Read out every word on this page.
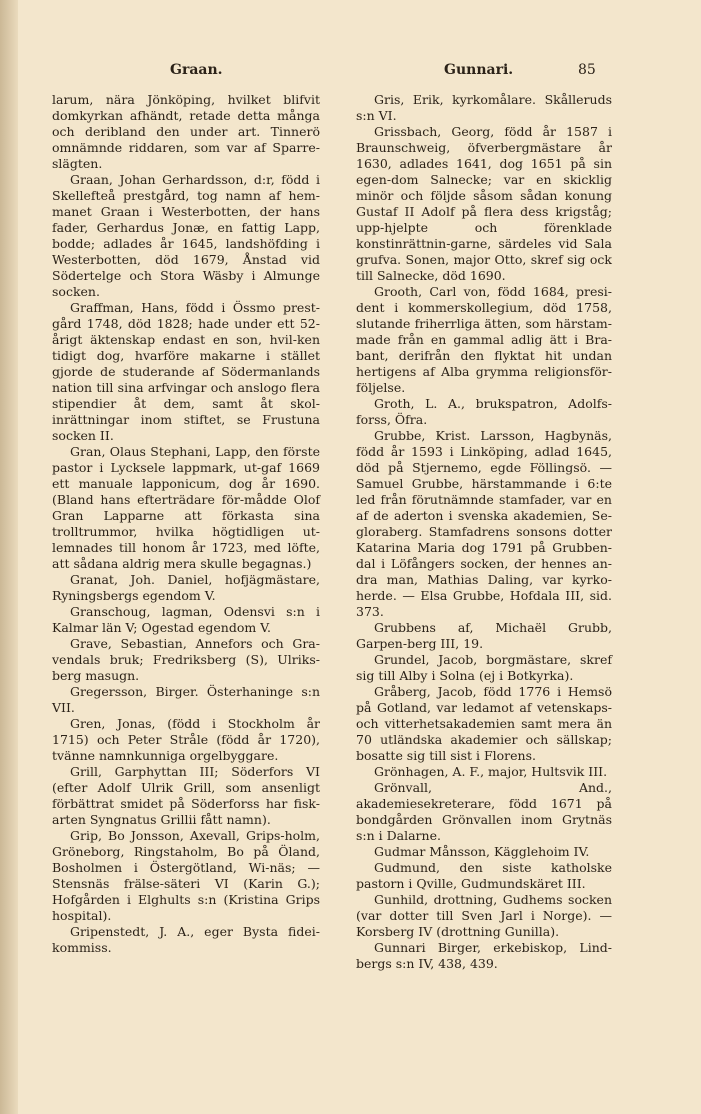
Graan.	Gunnari.	85

larum, nära Jönköping, hvilket blifvit domkyrkan afhändt, retade detta många och deribland den under art. Tinnerö omnämnde riddaren, som var af Sparre-slägten.

Graan, Johan Gerhardsson, d:r, född i Skellefteå prestgård, tog namn af hem-manet Graan i Westerbotten, der hans fader, Gerhardus Jonæ, en fattig Lapp, bodde; adlades år 1645, landshöfding i Westerbotten, död 1679, Ånstad vid Södertelge och Stora Wäsby i Almunge socken.

Graffman, Hans, född i Össmo prest-gård 1748, död 1828; hade under ett 52-årigt äktenskap endast en son, hvil-ken tidigt dog, hvarföre makarne i stället gjorde de studerande af Södermanlands nation till sina arfvingar och anslogo flera stipendier åt dem, samt åt skol-inrättningar inom stiftet, se Frustuna socken II.

Gran, Olaus Stephani, Lapp, den förste pastor i Lycksele lappmark, ut-gaf 1669 ett manuale lapponicum, dog år 1690. (Bland hans efterträdare för-mådde Olof Gran Lapparne att förkasta sina trolltrummor, hvilka högtidligen ut-lemnades till honom år 1723, med löfte, att sådana aldrig mera skulle begagnas.)

Granat, Joh. Daniel, hofjägmästare, Ryningsbergs egendom V.

Granschoug, lagman, Odensvi s:n i Kalmar län V; Ogestad egendom V.

Grave, Sebastian, Annefors och Gra-vendals bruk; Fredriksberg (S), Ulriks-berg masugn.

Gregersson, Birger. Österhaninge s:n VII.

Gren, Jonas, (född i Stockholm år 1715) och Peter Stråle (född år 1720), tvänne namnkunniga orgelbyggare.

Grill, Garphyttan III; Söderfors VI (efter Adolf Ulrik Grill, som ansenligt förbättrat smidet på Söderforss har fisk-arten Syngnatus Grillii fått namn).

Grip, Bo Jonsson, Axevall, Grips-holm, Gröneborg, Ringstaholm, Bo på Öland, Bosholmen i Östergötland, Wi-näs; — Stensnäs frälse-säteri VI (Karin G.); Hofgården i Elghults s:n (Kristina Grips hospital).

Gripenstedt, J. A., eger Bysta fidei-kommiss.

Gris, Erik, kyrkomålare. Skålleruds s:n VI.

Grissbach, Georg, född år 1587 i Braunschweig, öfverbergmästare år 1630, adlades 1641, dog 1651 på sin egen-dom Salnecke; var en skicklig minör och följde såsom sådan konung Gustaf II Adolf på flera dess krigståg; upp-hjelpte och förenklade konstinrättnin-garne, särdeles vid Sala grufva. Sonen, major Otto, skref sig ock till Salnecke, död 1690.

Grooth, Carl von, född 1684, presi-dent i kommerskollegium, död 1758, slutande friherrliga ätten, som härstam-made från en gammal adlig ätt i Bra-bant, derifrån den flyktat hit undan hertigens af Alba grymma religionsför-följelse.

Groth, L. A., brukspatron, Adolfs-forss, Öfra.

Grubbe, Krist. Larsson, Hagbynäs, född år 1593 i Linköping, adlad 1645, död på Stjernemo, egde Föllingsö. — Samuel Grubbe, härstammande i 6:te led från förutnämnde stamfader, var en af de aderton i svenska akademien, Se-gloraberg. Stamfadrens sonsons dotter Katarina Maria dog 1791 på Grubben-dal i Löfångers socken, der hennes an-dra man, Mathias Daling, var kyrko-herde. — Elsa Grubbe, Hofdala III, sid. 373.

Grubbens af, Michaël Grubb, Garpen-berg III, 19.

Grundel, Jacob, borgmästare, skref sig till Alby i Solna (ej i Botkyrka).

Gråberg, Jacob, född 1776 i Hemsö på Gotland, var ledamot af vetenskaps-och vitterhetsakademien samt mera än 70 utländska akademier och sällskap; bosatte sig till sist i Florens.

Grönhagen, A. F., major, Hultsvik III.

Grönvall, And., akademiesekreterare, född 1671 på bondgården Grönvallen inom Grytnäs s:n i Dalarne.

Gudmar Månsson, Kägglehoim IV.

Gudmund, den siste katholske pastorn i Qville, Gudmundskäret III.

Gunhild, drottning, Gudhems socken (var dotter till Sven Jarl i Norge). — Korsberg IV (drottning Gunilla).

Gunnari Birger, erkebiskop, Lind-bergs s:n IV, 438, 439.
